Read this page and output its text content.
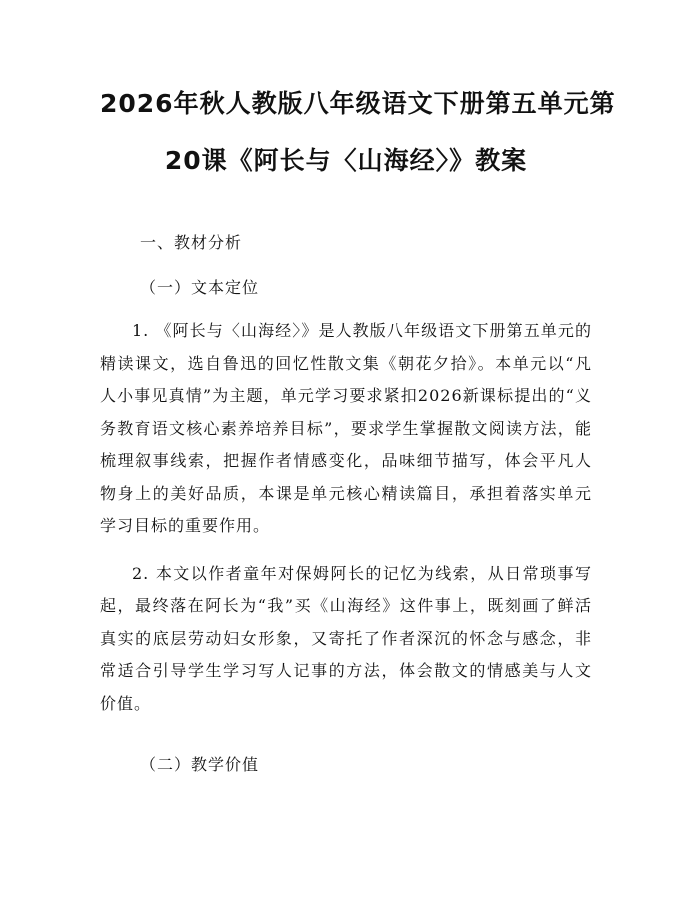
2026年秋人教版八年级语文下册第五单元第
20课《阿长与〈山海经〉》教案

一、教材分析

（一）文本定位

1. 《阿长与〈山海经〉》是人教版八年级语文下册第五单元的精读课文，选自鲁迅的回忆性散文集《朝花夕拾》。本单元以“凡人小事见真情”为主题，单元学习要求紧扣2026新课标提出的“义务教育语文核心素养培养目标”，要求学生掌握散文阅读方法，能梳理叙事线索，把握作者情感变化，品味细节描写，体会平凡人物身上的美好品质，本课是单元核心精读篇目，承担着落实单元学习目标的重要作用。

2. 本文以作者童年对保姆阿长的记忆为线索，从日常琐事写起，最终落在阿长为“我”买《山海经》这件事上，既刻画了鲜活真实的底层劳动妇女形象，又寄托了作者深沉的怀念与感念，非常适合引导学生学习写人记事的方法，体会散文的情感美与人文价值。

（二）教学价值
